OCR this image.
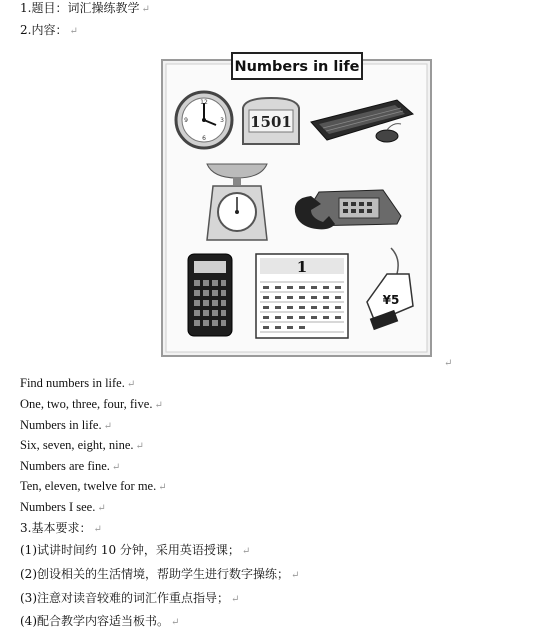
1.题目：词汇操练教学 ↵
2.内容： ↵
Numbers in life
12
3
6
9	1501
1
¥5
↵
Find numbers in life. ↵
One, two, three, four, five. ↵
Numbers in life. ↵
Six, seven, eight, nine. ↵
Numbers are fine. ↵
Ten, eleven, twelve for me. ↵
Numbers I see. ↵
3.基本要求： ↵
(1)试讲时间约 10 分钟，采用英语授课； ↵
(2)创设相关的生活情境，帮助学生进行数字操练； ↵
(3)注意对读音较难的词汇作重点指导； ↵
(4)配合教学内容适当板书。 ↵
